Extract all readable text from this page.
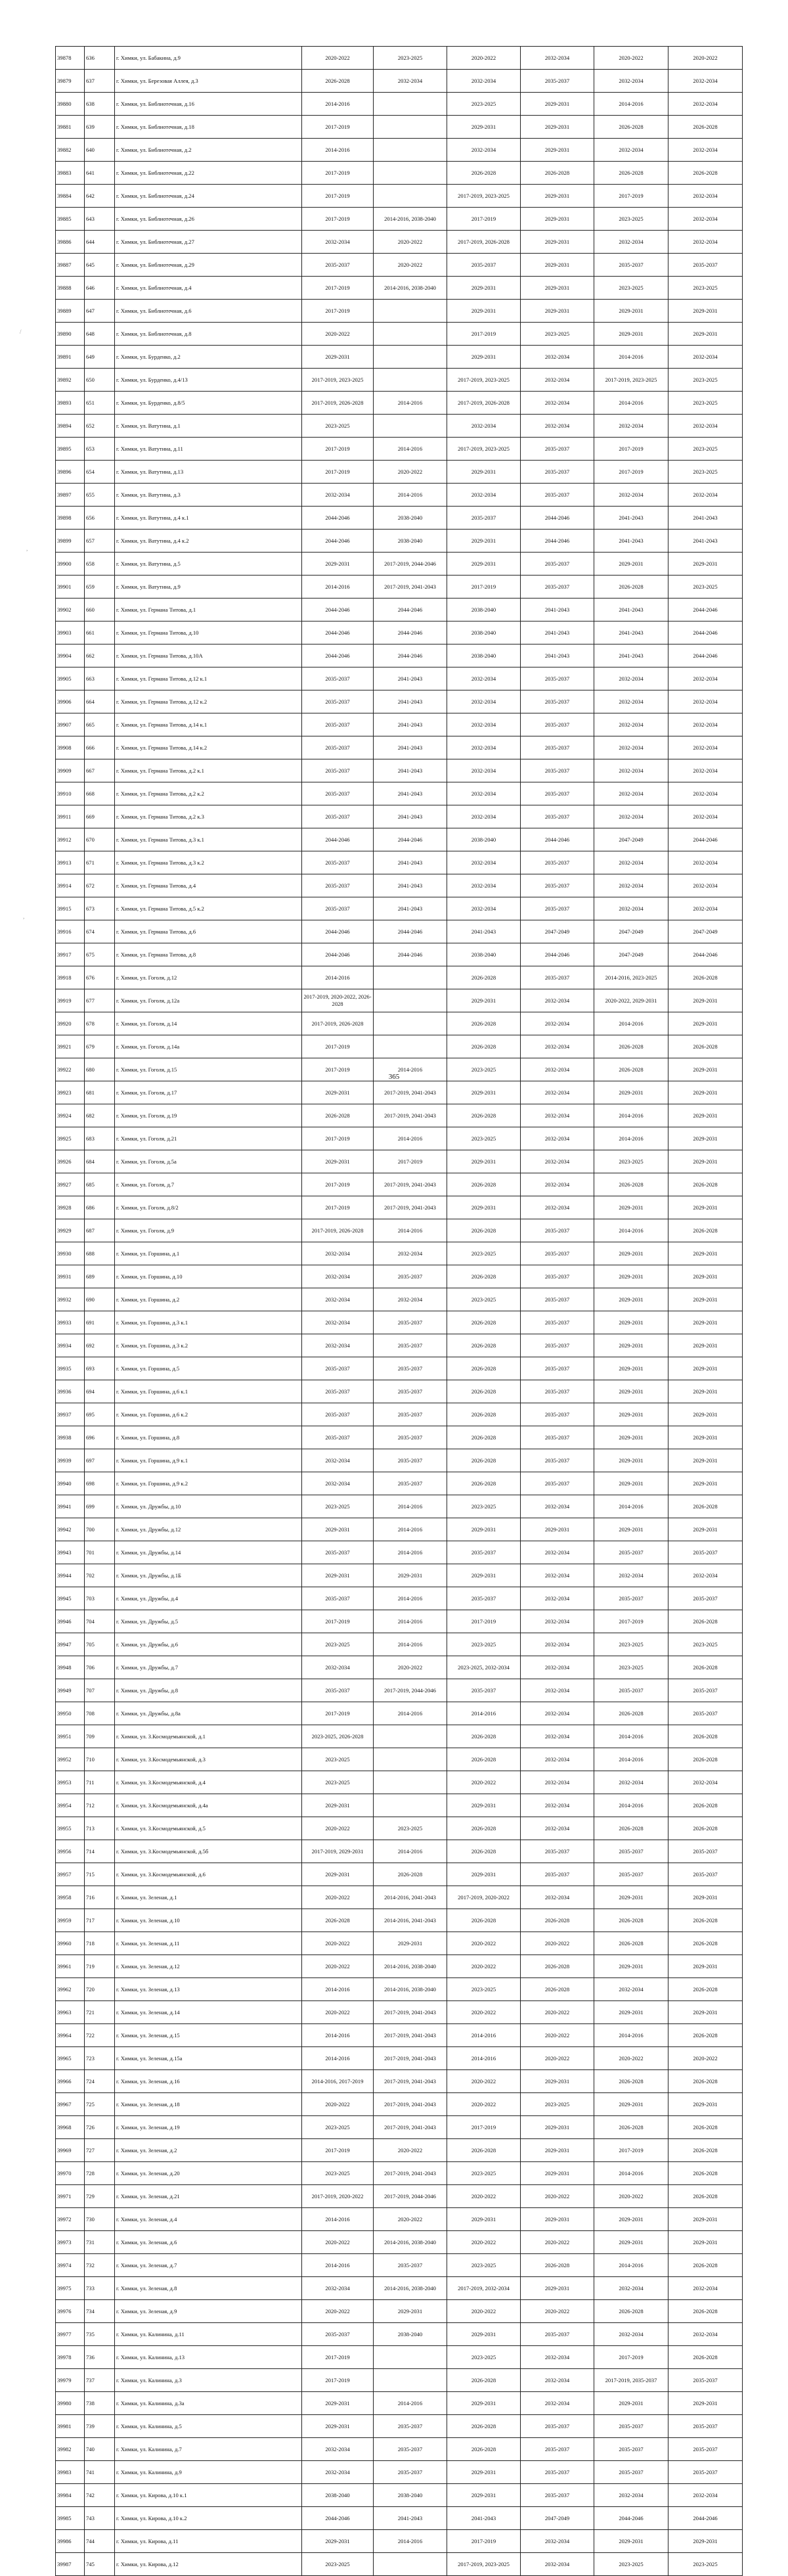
39878	636	г. Химки, ул. Бабакина, д.9	2020-2022	2023-2025	2020-2022	2032-2034	2020-2022	2020-2022
39879	637	г. Химки, ул. Березовая Аллея, д.3	2026-2028	2032-2034	2032-2034	2035-2037	2032-2034	2032-2034
39880	638	г. Химки, ул. Библиотечная, д.16	2014-2016		2023-2025	2029-2031	2014-2016	2032-2034
39881	639	г. Химки, ул. Библиотечная, д.18	2017-2019		2029-2031	2029-2031	2026-2028	2026-2028
39882	640	г. Химки, ул. Библиотечная, д.2	2014-2016		2032-2034	2029-2031	2032-2034	2032-2034
39883	641	г. Химки, ул. Библиотечная, д.22	2017-2019		2026-2028	2026-2028	2026-2028	2026-2028
39884	642	г. Химки, ул. Библиотечная, д.24	2017-2019		2017-2019, 2023-2025	2029-2031	2017-2019	2032-2034
39885	643	г. Химки, ул. Библиотечная, д.26	2017-2019	2014-2016, 2038-2040	2017-2019	2029-2031	2023-2025	2032-2034
39886	644	г. Химки, ул. Библиотечная, д.27	2032-2034	2020-2022	2017-2019, 2026-2028	2029-2031	2032-2034	2032-2034
39887	645	г. Химки, ул. Библиотечная, д.29	2035-2037	2020-2022	2035-2037	2029-2031	2035-2037	2035-2037
39888	646	г. Химки, ул. Библиотечная, д.4	2017-2019	2014-2016, 2038-2040	2029-2031	2029-2031	2023-2025	2023-2025
39889	647	г. Химки, ул. Библиотечная, д.6	2017-2019		2029-2031	2029-2031	2029-2031	2029-2031
39890	648	г. Химки, ул. Библиотечная, д.8	2020-2022		2017-2019	2023-2025	2029-2031	2029-2031
39891	649	г. Химки, ул. Бурденко, д.2	2029-2031		2029-2031	2032-2034	2014-2016	2032-2034
39892	650	г. Химки, ул. Бурденко, д.4/13	2017-2019, 2023-2025		2017-2019, 2023-2025	2032-2034	2017-2019, 2023-2025	2023-2025
39893	651	г. Химки, ул. Бурденко, д.8/5	2017-2019, 2026-2028	2014-2016	2017-2019, 2026-2028	2032-2034	2014-2016	2023-2025
39894	652	г. Химки, ул. Ватутина, д.1	2023-2025		2032-2034	2032-2034	2032-2034	2032-2034
39895	653	г. Химки, ул. Ватутина, д.11	2017-2019	2014-2016	2017-2019, 2023-2025	2035-2037	2017-2019	2023-2025
39896	654	г. Химки, ул. Ватутина, д.13	2017-2019	2020-2022	2029-2031	2035-2037	2017-2019	2023-2025
39897	655	г. Химки, ул. Ватутина, д.3	2032-2034	2014-2016	2032-2034	2035-2037	2032-2034	2032-2034
39898	656	г. Химки, ул. Ватутина, д.4 к.1	2044-2046	2038-2040	2035-2037	2044-2046	2041-2043	2041-2043
39899	657	г. Химки, ул. Ватутина, д.4 к.2	2044-2046	2038-2040	2029-2031	2044-2046	2041-2043	2041-2043
39900	658	г. Химки, ул. Ватутина, д.5	2029-2031	2017-2019, 2044-2046	2029-2031	2035-2037	2029-2031	2029-2031
39901	659	г. Химки, ул. Ватутина, д.9	2014-2016	2017-2019, 2041-2043	2017-2019	2035-2037	2026-2028	2023-2025
39902	660	г. Химки, ул. Германа Титова, д.1	2044-2046	2044-2046	2038-2040	2041-2043	2041-2043	2044-2046
39903	661	г. Химки, ул. Германа Титова, д.10	2044-2046	2044-2046	2038-2040	2041-2043	2041-2043	2044-2046
39904	662	г. Химки, ул. Германа Титова, д.10А	2044-2046	2044-2046	2038-2040	2041-2043	2041-2043	2044-2046
39905	663	г. Химки, ул. Германа Титова, д.12 к.1	2035-2037	2041-2043	2032-2034	2035-2037	2032-2034	2032-2034
39906	664	г. Химки, ул. Германа Титова, д.12 к.2	2035-2037	2041-2043	2032-2034	2035-2037	2032-2034	2032-2034
39907	665	г. Химки, ул. Германа Титова, д.14 к.1	2035-2037	2041-2043	2032-2034	2035-2037	2032-2034	2032-2034
39908	666	г. Химки, ул. Германа Титова, д.14 к.2	2035-2037	2041-2043	2032-2034	2035-2037	2032-2034	2032-2034
39909	667	г. Химки, ул. Германа Титова, д.2 к.1	2035-2037	2041-2043	2032-2034	2035-2037	2032-2034	2032-2034
39910	668	г. Химки, ул. Германа Титова, д.2 к.2	2035-2037	2041-2043	2032-2034	2035-2037	2032-2034	2032-2034
39911	669	г. Химки, ул. Германа Титова, д.2 к.3	2035-2037	2041-2043	2032-2034	2035-2037	2032-2034	2032-2034
39912	670	г. Химки, ул. Германа Титова, д.3 к.1	2044-2046	2044-2046	2038-2040	2044-2046	2047-2049	2044-2046
39913	671	г. Химки, ул. Германа Титова, д.3 к.2	2035-2037	2041-2043	2032-2034	2035-2037	2032-2034	2032-2034
39914	672	г. Химки, ул. Германа Титова, д.4	2035-2037	2041-2043	2032-2034	2035-2037	2032-2034	2032-2034
39915	673	г. Химки, ул. Германа Титова, д.5 к.2	2035-2037	2041-2043	2032-2034	2035-2037	2032-2034	2032-2034
39916	674	г. Химки, ул. Германа Титова, д.6	2044-2046	2044-2046	2041-2043	2047-2049	2047-2049	2047-2049
39917	675	г. Химки, ул. Германа Титова, д.8	2044-2046	2044-2046	2038-2040	2044-2046	2047-2049	2044-2046
39918	676	г. Химки, ул. Гоголя, д.12	2014-2016		2026-2028	2035-2037	2014-2016, 2023-2025	2026-2028
39919	677	г. Химки, ул. Гоголя, д.12а	2017-2019, 2020-2022, 2026-2028		2029-2031	2032-2034	2020-2022, 2029-2031	2029-2031
39920	678	г. Химки, ул. Гоголя, д.14	2017-2019, 2026-2028		2026-2028	2032-2034	2014-2016	2029-2031
39921	679	г. Химки, ул. Гоголя, д.14а	2017-2019		2026-2028	2032-2034	2026-2028	2026-2028
39922	680	г. Химки, ул. Гоголя, д.15	2017-2019	2014-2016	2023-2025	2032-2034	2026-2028	2029-2031
39923	681	г. Химки, ул. Гоголя, д.17	2029-2031	2017-2019, 2041-2043	2029-2031	2032-2034	2029-2031	2029-2031
39924	682	г. Химки, ул. Гоголя, д.19	2026-2028	2017-2019, 2041-2043	2026-2028	2032-2034	2014-2016	2029-2031
39925	683	г. Химки, ул. Гоголя, д.21	2017-2019	2014-2016	2023-2025	2032-2034	2014-2016	2029-2031
39926	684	г. Химки, ул. Гоголя, д.5а	2029-2031	2017-2019	2029-2031	2032-2034	2023-2025	2029-2031
39927	685	г. Химки, ул. Гоголя, д.7	2017-2019	2017-2019, 2041-2043	2026-2028	2032-2034	2026-2028	2026-2028
39928	686	г. Химки, ул. Гоголя, д.8/2	2017-2019	2017-2019, 2041-2043	2029-2031	2032-2034	2029-2031	2029-2031
39929	687	г. Химки, ул. Гоголя, д.9	2017-2019, 2026-2028	2014-2016	2026-2028	2035-2037	2014-2016	2026-2028
39930	688	г. Химки, ул. Горшина, д.1	2032-2034	2032-2034	2023-2025	2035-2037	2029-2031	2029-2031
39931	689	г. Химки, ул. Горшина, д.10	2032-2034	2035-2037	2026-2028	2035-2037	2029-2031	2029-2031
39932	690	г. Химки, ул. Горшина, д.2	2032-2034	2032-2034	2023-2025	2035-2037	2029-2031	2029-2031
39933	691	г. Химки, ул. Горшина, д.3 к.1	2032-2034	2035-2037	2026-2028	2035-2037	2029-2031	2029-2031
39934	692	г. Химки, ул. Горшина, д.3 к.2	2032-2034	2035-2037	2026-2028	2035-2037	2029-2031	2029-2031
39935	693	г. Химки, ул. Горшина, д.5	2035-2037	2035-2037	2026-2028	2035-2037	2029-2031	2029-2031
39936	694	г. Химки, ул. Горшина, д.6 к.1	2035-2037	2035-2037	2026-2028	2035-2037	2029-2031	2029-2031
39937	695	г. Химки, ул. Горшина, д.6 к.2	2035-2037	2035-2037	2026-2028	2035-2037	2029-2031	2029-2031
39938	696	г. Химки, ул. Горшина, д.8	2035-2037	2035-2037	2026-2028	2035-2037	2029-2031	2029-2031
39939	697	г. Химки, ул. Горшина, д.9 к.1	2032-2034	2035-2037	2026-2028	2035-2037	2029-2031	2029-2031
39940	698	г. Химки, ул. Горшина, д.9 к.2	2032-2034	2035-2037	2026-2028	2035-2037	2029-2031	2029-2031
39941	699	г. Химки, ул. Дружбы, д.10	2023-2025	2014-2016	2023-2025	2032-2034	2014-2016	2026-2028
39942	700	г. Химки, ул. Дружбы, д.12	2029-2031	2014-2016	2029-2031	2029-2031	2029-2031	2029-2031
39943	701	г. Химки, ул. Дружбы, д.14	2035-2037	2014-2016	2035-2037	2032-2034	2035-2037	2035-2037
39944	702	г. Химки, ул. Дружбы, д.1Б	2029-2031	2029-2031	2029-2031	2032-2034	2032-2034	2032-2034
39945	703	г. Химки, ул. Дружбы, д.4	2035-2037	2014-2016	2035-2037	2032-2034	2035-2037	2035-2037
39946	704	г. Химки, ул. Дружбы, д.5	2017-2019	2014-2016	2017-2019	2032-2034	2017-2019	2026-2028
39947	705	г. Химки, ул. Дружбы, д.6	2023-2025	2014-2016	2023-2025	2032-2034	2023-2025	2023-2025
39948	706	г. Химки, ул. Дружбы, д.7	2032-2034	2020-2022	2023-2025, 2032-2034	2032-2034	2023-2025	2026-2028
39949	707	г. Химки, ул. Дружбы, д.8	2035-2037	2017-2019, 2044-2046	2035-2037	2032-2034	2035-2037	2035-2037
39950	708	г. Химки, ул. Дружбы, д.8а	2017-2019	2014-2016	2014-2016	2032-2034	2026-2028	2035-2037
39951	709	г. Химки, ул. З.Космодемьянской, д.1	2023-2025, 2026-2028		2026-2028	2032-2034	2014-2016	2026-2028
39952	710	г. Химки, ул. З.Космодемьянской, д.3	2023-2025		2026-2028	2032-2034	2014-2016	2026-2028
39953	711	г. Химки, ул. З.Космодемьянской, д.4	2023-2025		2020-2022	2032-2034	2032-2034	2032-2034
39954	712	г. Химки, ул. З.Космодемьянской, д.4а	2029-2031		2029-2031	2032-2034	2014-2016	2026-2028
39955	713	г. Химки, ул. З.Космодемьянской, д.5	2020-2022	2023-2025	2026-2028	2032-2034	2026-2028	2026-2028
39956	714	г. Химки, ул. З.Космодемьянской, д.5б	2017-2019, 2029-2031	2014-2016	2026-2028	2035-2037	2035-2037	2035-2037
39957	715	г. Химки, ул. З.Космодемьянской, д.6	2029-2031	2026-2028	2029-2031	2035-2037	2035-2037	2035-2037
39958	716	г. Химки, ул. Зеленая, д.1	2020-2022	2014-2016, 2041-2043	2017-2019, 2020-2022	2032-2034	2029-2031	2029-2031
39959	717	г. Химки, ул. Зеленая, д.10	2026-2028	2014-2016, 2041-2043	2026-2028	2026-2028	2026-2028	2026-2028
39960	718	г. Химки, ул. Зеленая, д.11	2020-2022	2029-2031	2020-2022	2020-2022	2026-2028	2026-2028
39961	719	г. Химки, ул. Зеленая, д.12	2020-2022	2014-2016, 2038-2040	2020-2022	2026-2028	2029-2031	2029-2031
39962	720	г. Химки, ул. Зеленая, д.13	2014-2016	2014-2016, 2038-2040	2023-2025	2026-2028	2032-2034	2026-2028
39963	721	г. Химки, ул. Зеленая, д.14	2020-2022	2017-2019, 2041-2043	2020-2022	2020-2022	2029-2031	2029-2031
39964	722	г. Химки, ул. Зеленая, д.15	2014-2016	2017-2019, 2041-2043	2014-2016	2020-2022	2014-2016	2026-2028
39965	723	г. Химки, ул. Зеленая, д.15а	2014-2016	2017-2019, 2041-2043	2014-2016	2020-2022	2020-2022	2020-2022
39966	724	г. Химки, ул. Зеленая, д.16	2014-2016, 2017-2019	2017-2019, 2041-2043	2020-2022	2029-2031	2026-2028	2026-2028
39967	725	г. Химки, ул. Зеленая, д.18	2020-2022	2017-2019, 2041-2043	2020-2022	2023-2025	2029-2031	2029-2031
39968	726	г. Химки, ул. Зеленая, д.19	2023-2025	2017-2019, 2041-2043	2017-2019	2029-2031	2026-2028	2026-2028
39969	727	г. Химки, ул. Зеленая, д.2	2017-2019	2020-2022	2026-2028	2029-2031	2017-2019	2026-2028
39970	728	г. Химки, ул. Зеленая, д.20	2023-2025	2017-2019, 2041-2043	2023-2025	2029-2031	2014-2016	2026-2028
39971	729	г. Химки, ул. Зеленая, д.21	2017-2019, 2020-2022	2017-2019, 2044-2046	2020-2022	2020-2022	2020-2022	2026-2028
39972	730	г. Химки, ул. Зеленая, д.4	2014-2016	2020-2022	2029-2031	2029-2031	2029-2031	2029-2031
39973	731	г. Химки, ул. Зеленая, д.6	2020-2022	2014-2016, 2038-2040	2020-2022	2020-2022	2029-2031	2029-2031
39974	732	г. Химки, ул. Зеленая, д.7	2014-2016	2035-2037	2023-2025	2026-2028	2014-2016	2026-2028
39975	733	г. Химки, ул. Зеленая, д.8	2032-2034	2014-2016, 2038-2040	2017-2019, 2032-2034	2029-2031	2032-2034	2032-2034
39976	734	г. Химки, ул. Зеленая, д.9	2020-2022	2029-2031	2020-2022	2020-2022	2026-2028	2026-2028
39977	735	г. Химки, ул. Калинина, д.11	2035-2037	2038-2040	2029-2031	2035-2037	2032-2034	2032-2034
39978	736	г. Химки, ул. Калинина, д.13	2017-2019		2023-2025	2032-2034	2017-2019	2026-2028
39979	737	г. Химки, ул. Калинина, д.3	2017-2019		2026-2028	2032-2034	2017-2019, 2035-2037	2035-2037
39980	738	г. Химки, ул. Калинина, д.3а	2029-2031	2014-2016	2029-2031	2032-2034	2029-2031	2029-2031
39981	739	г. Химки, ул. Калинина, д.5	2029-2031	2035-2037	2026-2028	2035-2037	2035-2037	2035-2037
39982	740	г. Химки, ул. Калинина, д.7	2032-2034	2035-2037	2026-2028	2035-2037	2035-2037	2035-2037
39983	741	г. Химки, ул. Калинина, д.9	2032-2034	2035-2037	2029-2031	2035-2037	2035-2037	2035-2037
39984	742	г. Химки, ул. Кирова, д.10 к.1	2038-2040	2038-2040	2029-2031	2035-2037	2032-2034	2032-2034
39985	743	г. Химки, ул. Кирова, д.10 к.2	2044-2046	2041-2043	2041-2043	2047-2049	2044-2046	2044-2046
39986	744	г. Химки, ул. Кирова, д.11	2029-2031	2014-2016	2017-2019	2032-2034	2029-2031	2029-2031
39987	745	г. Химки, ул. Кирова, д.12	2023-2025		2017-2019, 2023-2025	2032-2034	2023-2025	2023-2025
/
,
,
365
